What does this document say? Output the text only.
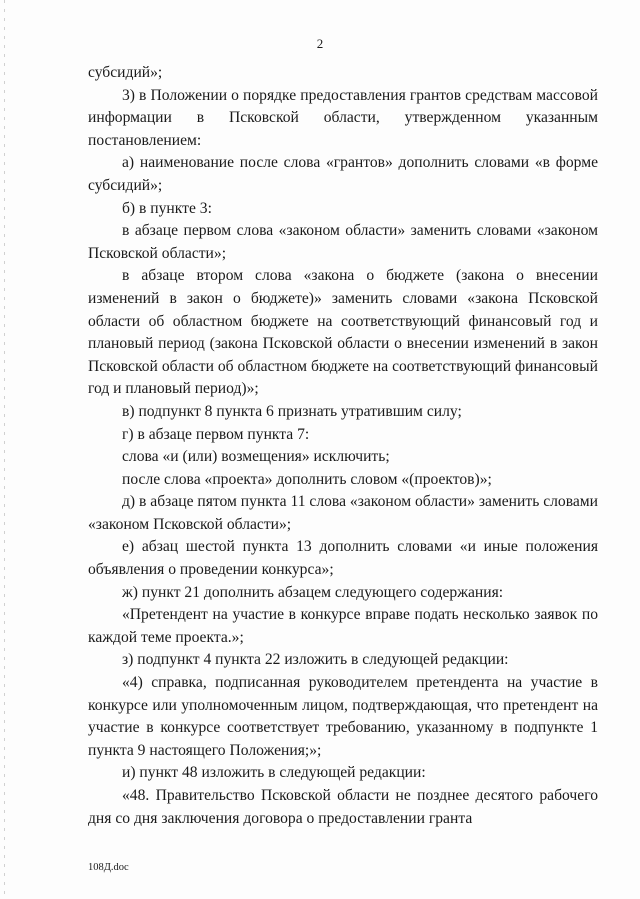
2

субсидий»;

3) в Положении о порядке предоставления грантов средствам массовой информации в Псковской области, утвержденном указанным постановлением:

а) наименование после слова «грантов» дополнить словами «в форме субсидий»;

б) в пункте 3:

в абзаце первом слова «законом области» заменить словами «законом Псковской области»;

в абзаце втором слова «закона о бюджете (закона о внесении изменений в закон о бюджете)» заменить словами «закона Псковской области об областном бюджете на соответствующий финансовый год и плановый период (закона Псковской области о внесении изменений в закон Псковской области об областном бюджете на соответствующий финансовый год и плановый период)»;

в) подпункт 8 пункта 6 признать утратившим силу;

г) в абзаце первом пункта 7:

слова «и (или) возмещения» исключить;

после слова «проекта» дополнить словом «(проектов)»;

д) в абзаце пятом пункта 11 слова «законом области» заменить словами «законом Псковской области»;

е) абзац шестой пункта 13 дополнить словами «и иные положения объявления о проведении конкурса»;

ж) пункт 21 дополнить абзацем следующего содержания:

«Претендент на участие в конкурсе вправе подать несколько заявок по каждой теме проекта.»;

з) подпункт 4 пункта 22 изложить в следующей редакции:

«4) справка, подписанная руководителем претендента на участие в конкурсе или уполномоченным лицом, подтверждающая, что претендент на участие в конкурсе соответствует требованию, указанному в подпункте 1 пункта 9 настоящего Положения;»;

и) пункт 48 изложить в следующей редакции:

«48. Правительство Псковской области не позднее десятого рабочего дня со дня заключения договора о предоставлении гранта

108Д.doc
